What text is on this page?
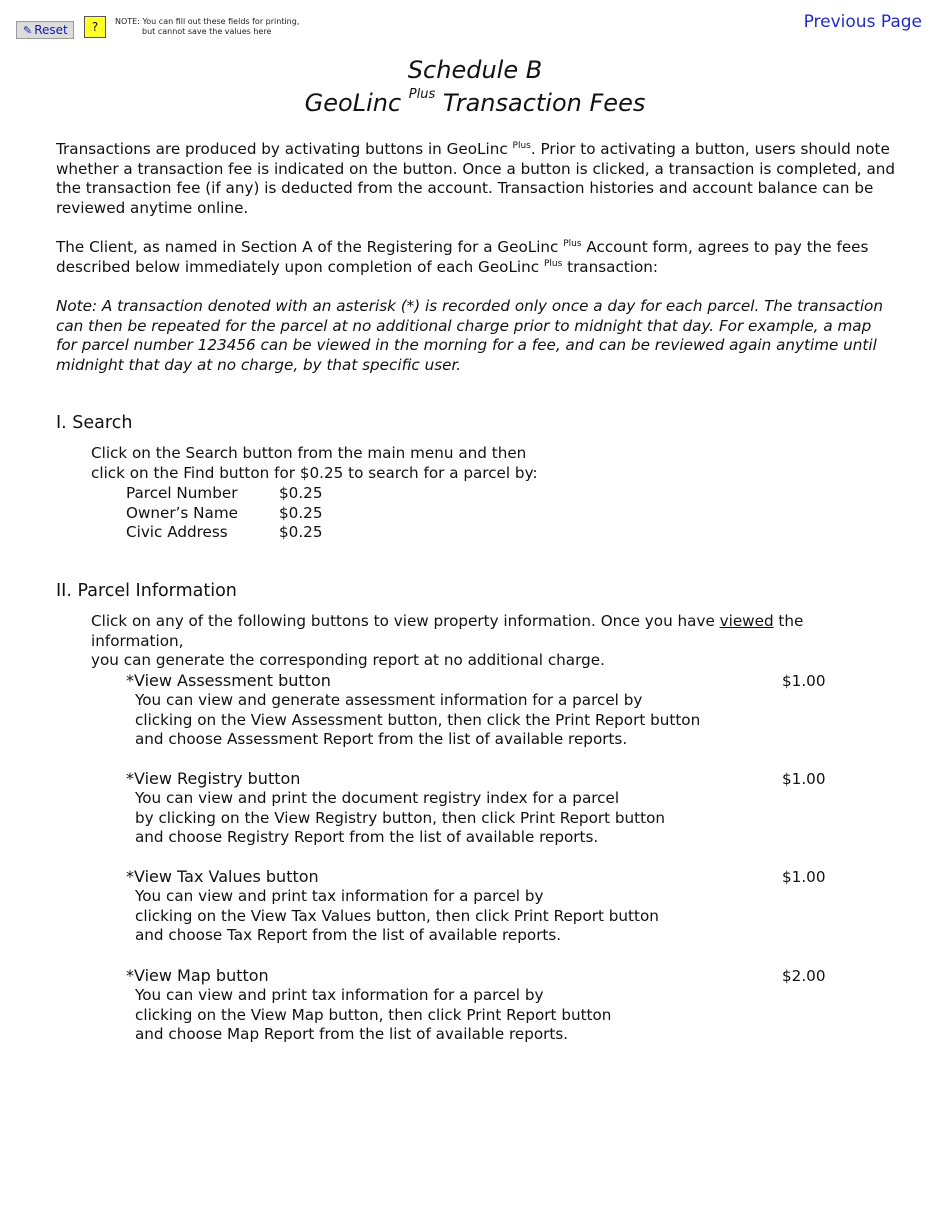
✎ Reset	?	NOTE: You can fill out these fields for printing,
but cannot save the values here	Previous Page
Schedule B
GeoLinc $^{Plus}$ Transaction Fees
Transactions are produced by activating buttons in GeoLinc $^{Plus}$. Prior to activating a button, users should note whether a transaction fee is indicated on the button. Once a button is clicked, a transaction is completed, and the transaction fee (if any) is deducted from the account. Transaction histories and account balance can be reviewed anytime online.
The Client, as named in Section A of the Registering for a GeoLinc $^{Plus}$ Account form, agrees to pay the fees described below immediately upon completion of each GeoLinc $^{Plus}$ transaction:
Note: A transaction denoted with an asterisk (*) is recorded only once a day for each parcel. The transaction can then be repeated for the parcel at no additional charge prior to midnight that day. For example, a map for parcel number 123456 can be viewed in the morning for a fee, and can be reviewed again anytime until midnight that day at no charge, by that specific user.
I. Search
Click on the Search button from the main menu and then
click on the Find button for $0.25 to search for a parcel by:
Parcel Number	$0.25
Owner’s Name	$0.25
Civic Address	$0.25
II. Parcel Information
Click on any of the following buttons to view property information. Once you have viewed the information,
you can generate the corresponding report at no additional charge.
*View Assessment button	$1.00
You can view and generate assessment information for a parcel by
clicking on the View Assessment button, then click the Print Report button
and choose Assessment Report from the list of available reports.
*View Registry button	$1.00
You can view and print the document registry index for a parcel
by clicking on the View Registry button, then click Print Report button
and choose Registry Report from the list of available reports.
*View Tax Values button	$1.00
You can view and print tax information for a parcel by
clicking on the View Tax Values button, then click Print Report button
and choose Tax Report from the list of available reports.
*View Map button	$2.00
You can view and print tax information for a parcel by
clicking on the View Map button, then click Print Report button
and choose Map Report from the list of available reports.
